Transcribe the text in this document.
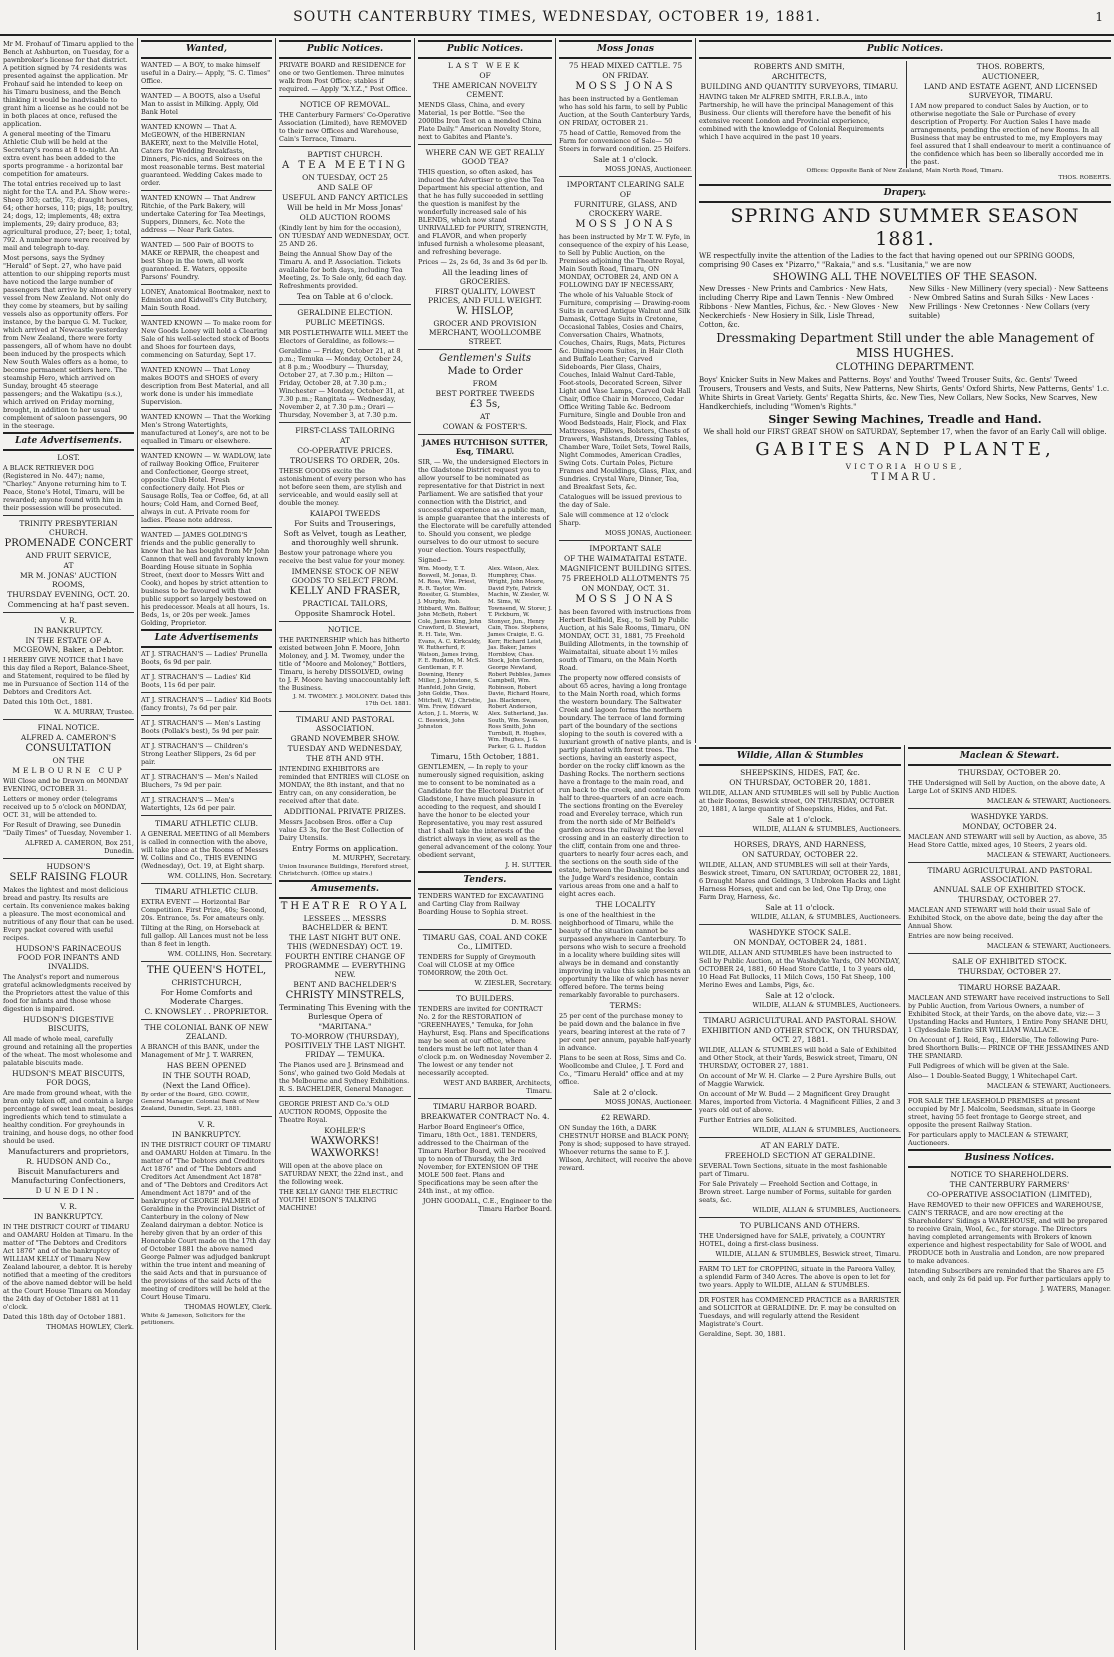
SOUTH CANTERBURY TIMES, WEDNESDAY, OCTOBER 19, 1881.	1
Mr M. Frohauf of Timaru applied to the Bench at Ashburton, on Tuesday, for a pawnbroker's license for that district. A petition signed by 74 residents was presented against the application. Mr Frohauf said he intended to keep on his Timaru business, and the Bench thinking it would be inadvisable to grant him a license as he could not be in both places at once, refused the application.
A general meeting of the Timaru Athletic Club will be held at the Secretary's rooms at 8 to-night. An extra event has been added to the sports programme - a horizontal bar competition for amateurs.
The total entries received up to last night for the T.A. and P.A. Show were:- Sheep 303; cattle, 73; draught horses, 64; other horses, 110; pigs, 18; poultry, 24; dogs, 12; implements, 48; extra implements, 29; dairy produce, 83; agricultural produce, 27; beer, 1; total, 792. A number more were received by mail and telegraph to-day.
Most persons, says the Sydney "Herald" of Sept. 27, who have paid attention to our shipping reports must have noticed the large number of passengers that arrive by almost every vessel from New Zealand. Not only do they come by steamers, but by sailing vessels also as opportunity offers. For instance, by the barque G. M. Tucker, which arrived at Newcastle yesterday from New Zealand, there were forty passengers, all of whom have no doubt been induced by the prospects which New South Wales offers as a home, to become permanent settlers here. The steamship Hero, which arrived on Sunday, brought 45 steerage passengers; and the Wakatipu (s.s.), which arrived on Friday morning, brought, in addition to her usual complement of saloon passengers, 90 in the steerage.
Late Advertisements.
LOST.
A BLACK RETRIEVER DOG (Registered in No. 447); name, "Charley." Anyone returning him to T. Peace, Stone's Hotel, Timaru, will be rewarded; anyone found with him in their possession will be prosecuted.
TRINITY PRESBYTERIAN CHURCH.
PROMENADE CONCERT
AND FRUIT SERVICE,
AT
MR M. JONAS' AUCTION ROOMS,
THURSDAY EVENING, OCT. 20.
Commencing at ha'f past seven.
V. R.
IN BANKRUPTCY.
IN THE ESTATE OF A. MCGEOWN, Baker, a Debtor.
I HEREBY GIVE NOTICE that I have this day filed a Report, Balance-Sheet, and Statement, required to be filed by me in Pursuance of Section 114 of the Debtors and Creditors Act.
Dated this 10th Oct., 1881.
W. A. MURRAY, Trustee.
FINAL NOTICE.
ALFRED A. CAMERON'S
CONSULTATION
ON THE
MELBOURNE CUP
Will Close and be Drawn on MONDAY EVENING, OCTOBER 31.
Letters or money order (telegrams received up to 5 o'clock on MONDAY, OCT. 31, will be attended to.
For Result of Drawing, see Dunedin "Daily Times" of Tuesday, November 1.
ALFRED A. CAMERON, Box 251, Dunedin.
HUDSON'S
SELF RAISING FLOUR
Makes the lightest and most delicious bread and pastry. Its results are certain. Its convenience makes baking a pleasure. The most economical and nutritious of any flour that can be used. Every packet covered with useful recipes.
HUDSON'S FARINACEOUS FOOD FOR INFANTS AND INVALIDS.
The Analyst's report and numerous grateful acknowledgments received by the Proprietors attest the value of this food for infants and those whose digestion is impaired.
HUDSON'S DIGESTIVE BISCUITS,
All made of whole meal, carefully ground and retaining all the properties of the wheat. The most wholesome and palatable biscuits made.
HUDSON'S MEAT BISCUITS, FOR DOGS,
Are made from ground wheat, with the bran only taken off, and contain a large percentage of sweet lean meat, besides ingredients which tend to stimulate a healthy condition. For greyhounds in training, and house dogs, no other food should be used.
Manufacturers and proprietors,
R. HUDSON AND Co.,
Biscuit Manufacturers and Manufacturing Confectioners,
DUNEDIN.
V. R.
IN BANKRUPTCY.
IN THE DISTRICT COURT of TIMARU and OAMARU Holden at Timaru. In the matter of "The Debtors and Creditors Act 1876" and of the bankruptcy of WILLIAM KELLY of Timaru New Zealand labourer, a debtor. It is hereby notified that a meeting of the creditors of the above named debtor will be held at the Court House Timaru on Monday the 24th day of October 1881 at 11 o'clock.
Dated this 18th day of October 1881.
THOMAS HOWLEY, Clerk.
Wanted,
WANTED — A BOY, to make himself useful in a Dairy.— Apply, "S. C. Times" Office.
WANTED — A BOOTS, also a Useful Man to assist in Milking. Apply, Old Bank Hotel
WANTED KNOWN — That A. McGEOWN, of the HIBERNIAN BAKERY, next to the Melville Hotel, Caters for Wedding Breakfasts, Dinners, Pic-nics, and Soirees on the most reasonable terms. Best material guaranteed. Wedding Cakes made to order.
WANTED KNOWN — That Andrew Ritchie, of the Park Bakery, will undertake Catering for Tea Meetings, Suppers, Dinners, &c. Note the address — Near Park Gates.
WANTED — 500 Pair of BOOTS to MAKE or REPAIR, the cheapest and best Shop in the town, all work guaranteed. E. Waters, opposite Parsons' Foundry.
LONEY, Anatomical Bootmaker, next to Edmiston and Kidwell's City Butchery, Main South Road.
WANTED KNOWN — To make room for New Goods Loney will hold a Clearing Sale of his well-selected stock of Boots and Shoes for fourteen days, commencing on Saturday, Sept 17.
WANTED KNOWN — That Loney makes BOOTS and SHOES of every description from Best Material, and all work done is under his immediate Supervision.
WANTED KNOWN — That the Working Men's Strong Watertights, manufactured at Loney's, are not to be equalled in Timaru or elsewhere.
WANTED KNOWN — W. WADLOW, late of railway Booking Office, Fruiterer and Confectioner, George street, opposite Club Hotel. Fresh confectionery daily. Hot Pies or Sausage Rolls, Tea or Coffee, 6d, at all hours; Cold Ham, and Corned Beef, always in cut. A Private room for ladies. Please note address.
WANTED — JAMES GOLDING'S friends and the public generally to know that he has bought from Mr John Cannon that well and favorably known Boarding House situate in Sophia Street, (next door to Messrs Witt and Cook), and hopes by strict attention to business to be favoured with that public support so largely bestowed on his predecessor. Meals at all hours, 1s. Beds, 1s, or 20s per week. James Golding, Proprietor.
Late Advertisements
AT J. STRACHAN'S — Ladies' Prunella Boots, 6s 9d per pair.
AT J. STRACHAN'S — Ladies' Kid Boots, 11s 6d per pair.
AT J. STRACHAN'S — Ladies' Kid Boots (fancy fronts), 7s 6d per pair.
AT J. STRACHAN'S — Men's Lasting Boots (Pollak's best), 5s 9d per pair.
AT J. STRACHAN'S — Children's Strong Leather Slippers, 2s 6d per pair.
AT J. STRACHAN'S — Men's Nailed Bluchers, 7s 9d per pair.
AT J. STRACHAN'S — Men's Watertights, 12s 6d per pair.
TIMARU ATHLETIC CLUB.
A GENERAL MEETING of all Members is called in connection with the above, will take place at the Rooms of Messrs W. Collins and Co., THIS EVENING (Wednesday), Oct. 19, at Eight sharp.
WM. COLLINS, Hon. Secretary.
TIMARU ATHLETIC CLUB.
EXTRA EVENT — Horizontal Bar Competition. First Prize, 40s; Second, 20s. Entrance, 5s. For amateurs only.
Tilting at the Ring, on Horseback at full gallop. All Lances must not be less than 8 feet in length.
WM. COLLINS, Hon. Secretary.
THE QUEEN'S HOTEL,
CHRISTCHURCH,
For Home Comforts and Moderate Charges.
C. KNOWSLEY . . PROPRIETOR.
THE COLONIAL BANK OF NEW ZEALAND.
A BRANCH of this BANK, under the Management of Mr J. T. WARREN,
HAS BEEN OPENED
IN THE SOUTH ROAD,
(Next the Land Office).
By order of the Board, GEO. COWIE, General Manager. Colonial Bank of New Zealand, Dunedin, Sept. 23, 1881.
V. R.
IN BANKRUPTCY.
IN THE DISTRICT COURT OF TIMARU and OAMARU Holden at Timaru. In the matter of "The Debtors and Creditors Act 1876" and of "The Debtors and Creditors Act Amendment Act 1878" and of "The Debtors and Creditors Act Amendment Act 1879" and of the bankruptcy of GEORGE PALMER of Geraldine in the Provincial District of Canterbury in the colony of New Zealand dairyman a debtor. Notice is hereby given that by an order of this Honorable Court made on the 17th day of October 1881 the above named George Palmer was adjudged bankrupt within the true intent and meaning of the said Acts and that in pursuance of the provisions of the said Acts of the meeting of creditors will be held at the Court House Timaru.
THOMAS HOWLEY, Clerk.
White & Jameson, Solicitors for the petitioners.
Public Notices.
PRIVATE BOARD and RESIDENCE for one or two Gentlemen. Three minutes walk from Post Office; stables if required. — Apply "X.Y.Z.," Post Office.
NOTICE OF REMOVAL.
THE Canterbury Farmers' Co-Operative Association (Limited), have REMOVED to their new Offices and Warehouse, Cain's Terrace, Timaru.
BAPTIST CHURCH.
A TEA MEETING
ON TUESDAY, OCT 25
AND SALE OF
USEFUL AND FANCY ARTICLES
Will be held in Mr Moss Jonas'
OLD AUCTION ROOMS
(Kindly lent by him for the occasion), ON TUESDAY AND WEDNESDAY, OCT. 25 AND 26.
Being the Annual Show Day of the Timaru A. and P. Association. Tickets available for both days, including Tea Meeting, 2s. To Sale only, 6d each day. Refreshments provided.
Tea on Table at 6 o'clock.
GERALDINE ELECTION.
PUBLIC MEETINGS.
MR POSTLETHWAITE WILL MEET the Electors of Geraldine, as follows:—
Geraldine — Friday, October 21, at 8 p.m.; Temuka — Monday, October 24, at 8 p.m.; Woodbury — Thursday, October 27, at 7.30 p.m.; Hilton — Friday, October 28, at 7.30 p.m.; Winchester — Monday, October 31, at 7.30 p.m.; Rangitata — Wednesday, November 2, at 7.30 p.m.; Orari — Thursday, November 3, at 7.30 p.m.
FIRST-CLASS TAILORING
AT
CO-OPERATIVE PRICES.
TROUSERS TO ORDER, 20s.
THESE GOODS excite the astonishment of every person who has not before seen them, are stylish and serviceable, and would easily sell at double the money.
KAIAPOI TWEEDS
For Suits and Trouserings,
Soft as Velvet, tough as Leather, and thoroughly well shrunk.
Bestow your patronage where you receive the best value for your money.
IMMENSE STOCK OF NEW GOODS TO SELECT FROM.
KELLY AND FRASER,
PRACTICAL TAILORS,
Opposite Shamrock Hotel.
NOTICE.
THE PARTNERSHIP which has hitherto existed between John F. Moore, John Moloney, and J. M. Twomey, under the title of "Moore and Moloney," Bottlers, Timaru, is hereby DISSOLVED, owing to J. F. Moore having unaccountably left the Business.
J. M. TWOMEY. J. MOLONEY. Dated this 17th Oct. 1881.
TIMARU AND PASTORAL ASSOCIATION.
GRAND NOVEMBER SHOW.
TUESDAY AND WEDNESDAY,
THE 8TH AND 9TH.
INTENDING EXHIBITORS are reminded that ENTRIES will CLOSE on MONDAY, the 8th instant, and that no Entry can, on any consideration, be received after that date.
ADDITIONAL PRIVATE PRIZES.
Messrs Jacobsen Bros. offer a Cup value £3 3s, for the Best Collection of Dairy Utensils.
Entry Forms on application.
M. MURPHY, Secretary.
Union Insurance Buildings, Hereford street, Christchurch. (Office up stairs.)
Amusements.
THEATRE ROYAL
LESSEES ... MESSRS BACHELDER & BENT.
THE LAST NIGHT BUT ONE. THIS (WEDNESDAY) OCT. 19.
FOURTH ENTIRE CHANGE OF PROGRAMME — EVERYTHING NEW.
BENT AND BACHELDER'S
CHRISTY MINSTRELS,
Terminating This Evening with the Burlesque Opera of
"MARITANA."
TO-MORROW (THURSDAY), POSITIVELY THE LAST NIGHT. FRIDAY — TEMUKA.
The Pianos used are J. Brinsmead and Sons', who gained two Gold Medals at the Melbourne and Sydney Exhibitions. R. S. BACHELDER, General Manager.
GEORGE PRIEST AND Co.'s OLD AUCTION ROOMS, Opposite the Theatre Royal.
KOHLER'S
WAXWORKS! WAXWORKS!
Will open at the above place on SATURDAY NEXT, the 22nd inst., and the following week.
THE KELLY GANG! THE ELECTRIC YOUTH! EDISON'S TALKING MACHINE!
Public Notices.
LAST WEEK
OF
THE AMERICAN NOVELTY CEMENT.
MENDS Glass, China, and every Material, 1s per Bottle. "See the 2000lbs Iron Test on a mended China Plate Daily." American Novelty Store, next to Gabites and Plante's.
WHERE CAN WE GET REALLY GOOD TEA?
THIS question, so often asked, has induced the Advertiser to give the Tea Department his special attention, and that he has fully succeeded in settling the question is manifest by the wonderfully increased sale of his BLENDS, which now stand UNRIVALLED for PURITY, STRENGTH, and FLAVOR, and when properly infused furnish a wholesome pleasant, and refreshing beverage.
Prices — 2s, 2s 6d, 3s and 3s 6d per lb.
All the leading lines of GROCERIES.
FIRST QUALITY, LOWEST PRICES, AND FULL WEIGHT.
W. HISLOP,
GROCER AND PROVISION MERCHANT, WOOLLCOMBE STREET.
Gentlemen's Suits
Made to Order
FROM
BEST PORTREE TWEEDS
£3 5s,
AT
COWAN & FOSTER'S.
JAMES HUTCHISON SUTTER, Esq, TIMARU.
SIR, — We, the undersigned Electors in the Gladstone District request you to allow yourself to be nominated as representative for that District in next Parliament. We are satisfied that your connection with the District, and successful experience as a public man, is ample guarantee that the interests of the Electorate will be carefully attended to. Should you consent, we pledge ourselves to do our utmost to secure your election. Yours respectfully,
Signed—
Wm. Moody, T. T. Boswell, M. Jonas, D. M. Ross, Wm. Priest, R. R. Taylor, Wm. Rossiter, G. Stumbles, J. Murphy, Rob. Hibbard, Wm. Balfour, John McBeth, Robert Cole, James King, John Crawford, D. Stewart, R. H. Tate, Wm. Evans, A. C. Kirkcaldy, W. Rutherfurd, F. Watson, James Irving, F. E. Ruddon, M. McS. Gentleman, F. F. Downing, Henry Miller, J. Johnstone, S. Hanfeld, John Greig, John Goldie, Thos. Mitchell, W. J. Christie, Wm. Frew, Edward Acton, J. L. Morris, W. C. Beswick, John Johnston
Alex. Wilson, Alex. Humphrey, Chas. Wright, John Moore, David Fyfe, Patrick Machin, W. Ziesler, W. M. Sims, W. Townsend, W. Storer, J. T. Pickburn, W. Stonyer, Jun., Henry Cain, Thos. Stephens, James Craigie, E. G. Kerr, Richard Leist, Jas. Baker, James Hornblow, Chas. Stock, John Gordon, George Newland, Robert Pebbles, James Campbell, Wm. Robinson, Robert Davie, Richard Hoare, Jas. Blackmore, Robert Anderson, Alex. Sutherland, Jas. South, Wm. Swanson, Ross Smith, John Turnbull, R. Hughes, Wm. Hughes, J. G. Parker, G. L. Ruddon
Timaru, 15th October, 1881.
GENTLEMEN, — In reply to your numerously signed requisition, asking me to consent to be nominated as a Candidate for the Electoral District of Gladstone, I have much pleasure in acceding to the request, and should I have the honor to be elected your Representative, you may rest assured that I shall take the interests of the district always in view, as well as the general advancement of the colony. Your obedient servant,
J. H. SUTTER.
Tenders.
TENDERS WANTED for EXCAVATING and Carting Clay from Railway Boarding House to Sophia street.
D. M. ROSS.
TIMARU GAS, COAL AND COKE Co., LIMITED.
TENDERS for Supply of Greymouth Coal will CLOSE at my Office TOMORROW, the 20th Oct.
W. ZIESLER, Secretary.
TO BUILDERS.
TENDERS are invited for CONTRACT No. 2 for the RESTORATION of "GREENHAYES," Temuka, for John Hayhurst, Esq. Plans and Specifications may be seen at our office, where tenders must be left not later than 4 o'clock p.m. on Wednesday November 2. The lowest or any tender not necessarily accepted.
WEST AND BARBER, Architects, Timaru.
TIMARU HARBOR BOARD.
BREAKWATER CONTRACT No. 4.
Harbor Board Engineer's Office, Timaru, 18th Oct., 1881. TENDERS, addressed to the Chairman of the Timaru Harbor Board, will be received up to noon of Thursday, the 3rd November, for EXTENSION OF THE MOLE 500 feet. Plans and Specifications may be seen after the 24th inst., at my office.
JOHN GOODALL, C.E., Engineer to the Timaru Harbor Board.
Moss Jonas
75 HEAD MIXED CATTLE. 75
ON FRIDAY.
MOSS JONAS
has been instructed by a Gentleman who has sold his farm, to sell by Public Auction, at the South Canterbury Yards, ON FRIDAY, OCTOBER 21.
75 head of Cattle, Removed from the Farm for convenience of Sale— 50 Steers in forward condition. 25 Heifers.
Sale at 1 o'clock.
MOSS JONAS, Auctioneer.
IMPORTANT CLEARING SALE
OF
FURNITURE, GLASS, AND CROCKERY WARE.
MOSS JONAS
has been instructed by Mr T. W. Fyfe, in consequence of the expiry of his Lease, to Sell by Public Auction, on the Premises adjoining the Theatre Royal, Main South Road, Timaru, ON MONDAY, OCTOBER 24, AND ON A FOLLOWING DAY IF NECESSARY,
The whole of his Valuable Stock of Furniture, comprising — Drawing-room Suits in carved Antique Walnut and Silk Damask, Cottage Suits in Cretonne, Occasional Tables, Cosies and Chairs, Conversation Chairs, Whatnots, Couches, Chairs, Rugs, Mats, Pictures &c. Dining-room Suites, in Hair Cloth and Buffalo Leather; Carved Sideboards, Pier Glass, Chairs, Couches, Inlaid Walnut Card-Table, Foot-stools, Decorated Screen, Silver Light and Vase Lamps, Carved Oak Hall Chair, Office Chair in Morocco, Cedar Office Writing Table &c. Bedroom Furniture, Single and Double Iron and Wood Bedsteads, Hair, Flock, and Flax Mattresses, Pillows, Bolsters, Chests of Drawers, Washstands, Dressing Tables, Chamber Ware, Toilet Sets, Towel Rails, Night Commodes, American Cradles, Swing Cots. Curtain Poles, Picture Frames and Mouldings, Glass, Flax, and Sundries. Crystal Ware, Dinner, Tea, and Breakfast Sets, &c.
Catalogues will be issued previous to the day of Sale.
Sale will commence at 12 o'clock Sharp.
MOSS JONAS, Auctioneer.
IMPORTANT SALE
OF THE WAIMATAITAI ESTATE.
MAGNIFICENT BUILDING SITES.
75 FREEHOLD ALLOTMENTS 75
ON MONDAY, OCT. 31.
MOSS JONAS
has been favored with instructions from Herbert Belfield, Esq., to Sell by Public Auction, at his Sale Rooms, Timaru, ON MONDAY, OCT. 31, 1881, 75 Freehold Building Allotments, in the township of Waimataitai, situate about 1½ miles south of Timaru, on the Main North Road.
The property now offered consists of about 65 acres, having a long frontage to the Main North road, which forms the western boundary. The Saltwater Creek and lagoon forms the northern boundary. The terrace of land forming part of the boundary of the sections sloping to the south is covered with a luxuriant growth of native plants, and is partly planted with forest trees. The sections, having an easterly aspect, border on the rocky cliff known as the Dashing Rocks. The northern sections have a frontage to the main road, and run back to the creek, and contain from half to three-quarters of an acre each. The sections fronting on the Evereley road and Evereley terrace, which run from the north side of Mr Belfield's garden across the railway at the level crossing and in an easterly direction to the cliff, contain from one and three-quarters to nearly four acres each, and the sections on the south side of the estate, between the Dashing Rocks and the Judge Ward's residence, contain various areas from one and a half to eight acres each.
THE LOCALITY
is one of the healthiest in the neighborhood of Timaru, while the beauty of the situation cannot be surpassed anywhere in Canterbury. To persons who wish to secure a freehold in a locality where building sites will always be in demand and constantly improving in value this sale presents an opportunity the like of which has never offered before. The terms being remarkably favorable to purchasers.
TERMS:
25 per cent of the purchase money to be paid down and the balance in five years, bearing interest at the rate of 7 per cent per annum, payable half-yearly in advance.
Plans to be seen at Ross, Sims and Co. Woollcombe and Clulee, J. T. Ford and Co., "Timaru Herald" office and at my office.
Sale at 2 o'clock.
MOSS JONAS, Auctioneer.
£2 REWARD.
ON Sunday the 16th, a DARK CHESTNUT HORSE and BLACK PONY; Pony is shod; supposed to have strayed. Whoever returns the same to F. J. Wilson, Architect, will receive the above reward.
Public Notices.
ROBERTS AND SMITH,
ARCHITECTS,
BUILDING AND QUANTITY SURVEYORS, TIMARU.
HAVING taken Mr ALFRED SMITH, F.R.I.B.A., into Partnership, he will have the principal Management of this Business. Our clients will therefore have the benefit of his extensive recent London and Provincial experience, combined with the knowledge of Colonial Requirements which I have acquired in the past 10 years.
THOS. ROBERTS,
AUCTIONEER,
LAND AND ESTATE AGENT, AND LICENSED SURVEYOR, TIMARU.
I AM now prepared to conduct Sales by Auction, or to otherwise negotiate the Sale or Purchase of every description of Property. For Auction Sales I have made arrangements, pending the erection of new Rooms. In all Business that may be entrusted to me, my Employers may feel assured that I shall endeavour to merit a continuance of the confidence which has been so liberally accorded me in the past.
Offices: Opposite Bank of New Zealand, Main North Road, Timaru.
THOS. ROBERTS.
Drapery.
SPRING AND SUMMER SEASON
1881.
WE respectfully invite the attention of the Ladies to the fact that having opened out our SPRING GOODS, comprising 90 Cases ex "Pizarro," "Rakaia," and s.s. "Lusitania," we are now
SHOWING ALL THE NOVELTIES OF THE SEASON.
New Dresses · New Prints and Cambrics · New Hats, including Cherry Ripe and Lawn Tennis · New Ombred Ribbons · New Mantles, Fichus, &c. · New Gloves · New Neckerchiefs · New Hosiery in Silk, Lisle Thread, Cotton, &c.
New Silks · New Millinery (very special) · New Satteens · New Ombred Satins and Surah Silks · New Laces · New Frillings · New Cretonnes · New Collars (very suitable)
Dressmaking Department Still under the able Management of MISS HUGHES.
CLOTHING DEPARTMENT.
Boys' Knicker Suits in New Makes and Patterns. Boys' and Youths' Tweed Trouser Suits, &c. Gents' Tweed Trousers, Trousers and Vests, and Suits, New Patterns, New Shirts, Gents' Oxford Shirts, New Patterns, Gents' 1.c. White Shirts in Great Variety. Gents' Regatta Shirts, &c. New Ties, New Collars, New Socks, New Scarves, New Handkerchiefs, including "Women's Rights."
Singer Sewing Machines, Treadle and Hand.
We shall hold our FIRST GREAT SHOW on SATURDAY, September 17, when the favor of an Early Call will oblige.
GABITES AND PLANTE,
VICTORIA HOUSE,
TIMARU.
Wildie, Allan & Stumbles
SHEEPSKINS, HIDES, FAT, &c.
ON THURSDAY, OCTOBER 20, 1881.
WILDIE, ALLAN AND STUMBLES will sell by Public Auction at their Rooms, Beswick street, ON THURSDAY, OCTOBER 20, 1881, A large quantity of Sheepskins, Hides, and Fat.
Sale at 1 o'clock.
WILDIE, ALLAN & STUMBLES, Auctioneers.
HORSES, DRAYS, AND HARNESS,
ON SATURDAY, OCTOBER 22.
WILDIE, ALLAN, AND STUMBLES will sell at their Yards, Beswick street, Timaru, ON SATURDAY, OCTOBER 22, 1881, 6 Draught Mares and Geldings, 3 Unbroken Hacks and Light Harness Horses, quiet and can be led, One Tip Dray, one Farm Dray, Harness, &c.
Sale at 11 o'clock.
WILDIE, ALLAN, & STUMBLES, Auctioneers.
WASHDYKE STOCK SALE.
ON MONDAY, OCTOBER 24, 1881.
WILDIE, ALLAN AND STUMBLES have been instructed to Sell by Public Auction, at the Washdyke Yards, ON MONDAY, OCTOBER 24, 1881, 60 Head Store Cattle, 1 to 3 years old, 10 Head Fat Bullocks, 11 Milch Cows, 150 Fat Sheep, 100 Merino Ewes and Lambs, Pigs, &c.
Sale at 12 o'clock.
WILDIE, ALLAN & STUMBLES, Auctioneers.
TIMARU AGRICULTURAL AND PASTORAL SHOW.
EXHIBITION AND OTHER STOCK, ON THURSDAY, OCT. 27, 1881.
WILDIE, ALLAN & STUMBLES will hold a Sale of Exhibited and Other Stock, at their Yards, Beswick street, Timaru, ON THURSDAY, OCTOBER 27, 1881.
On account of Mr W. H. Clarke — 2 Pure Ayrshire Bulls, out of Maggie Warwick.
On account of Mr W. Budd — 2 Magnificent Grey Draught Mares, imported from Victoria. 4 Magnificent Fillies, 2 and 3 years old out of above.
Further Entries are Solicited.
WILDIE, ALLAN & STUMBLES, Auctioneers.
AT AN EARLY DATE.
FREEHOLD SECTION AT GERALDINE.
SEVERAL Town Sections, situate in the most fashionable part of Timaru.
For Sale Privately — Freehold Section and Cottage, in Brown street. Large number of Forms, suitable for garden seats, &c.
WILDIE, ALLAN & STUMBLES, Auctioneers.
TO PUBLICANS AND OTHERS.
THE Undersigned have for SALE, privately, a COUNTRY HOTEL, doing a first-class business.
WILDIE, ALLAN & STUMBLES, Beswick street, Timaru.
FARM TO LET for CROPPING, situate in the Pareora Valley, a splendid Farm of 340 Acres. The above is open to let for two years. Apply to WILDIE, ALLAN & STUMBLES.
DR FOSTER has COMMENCED PRACTICE as a BARRISTER and SOLICITOR at GERALDINE. Dr. F. may be consulted on Tuesdays, and will regularly attend the Resident Magistrate's Court.
Geraldine, Sept. 30, 1881.
Maclean & Stewart.
THURSDAY, OCTOBER 20.
THE Undersigned will Sell by Auction, on the above date, A Large Lot of SKINS AND HIDES.
MACLEAN & STEWART, Auctioneers.
WASHDYKE YARDS.
MONDAY, OCTOBER 24.
MACLEAN AND STEWART will sell by Auction, as above, 35 Head Store Cattle, mixed ages, 10 Steers, 2 years old.
MACLEAN & STEWART, Auctioneers.
TIMARU AGRICULTURAL AND PASTORAL ASSOCIATION.
ANNUAL SALE OF EXHIBITED STOCK.
THURSDAY, OCTOBER 27.
MACLEAN AND STEWART will hold their usual Sale of Exhibited Stock, on the above date, being the day after the Annual Show.
Entries are now being received.
MACLEAN & STEWART, Auctioneers.
SALE OF EXHIBITED STOCK.
THURSDAY, OCTOBER 27.
TIMARU HORSE BAZAAR.
MACLEAN AND STEWART have received instructions to Sell by Public Auction, from Various Owners, a number of Exhibited Stock, at their Yards, on the above date, viz:— 3 Upstanding Hacks and Hunters, 1 Entire Pony SHANE DHU, 1 Clydesdale Entire SIR WILLIAM WALLACE.
On Account of J. Reid, Esq., Elderslie, The following Pure-bred Shorthorn Bulls:— PRINCE OF THE JESSAMINES AND THE SPANIARD.
Full Pedigrees of which will be given at the Sale.
Also— 1 Double-Seated Buggy, 1 Whitechapel Cart.
MACLEAN & STEWART, Auctioneers.
FOR SALE THE LEASEHOLD PREMISES at present occupied by Mr J. Malcolm, Seedsman, situate in George street, having 55 feet frontage to George street, and opposite the present Railway Station.
For particulars apply to MACLEAN & STEWART, Auctioneers.
Business Notices.
NOTICE TO SHAREHOLDERS.
THE CANTERBURY FARMERS'
CO-OPERATIVE ASSOCIATION (LIMITED),
Have REMOVED to their new OFFICES and WAREHOUSE, CAIN'S TERRACE, and are now erecting at the Shareholders' Sidings a WAREHOUSE, and will be prepared to receive Grain, Wool, &c., for storage. The Directors having completed arrangements with Brokers of known experience and highest respectability for Sale of WOOL and PRODUCE both in Australia and London, are now prepared to make advances.
Intending Subscribers are reminded that the Shares are £5 each, and only 2s 6d paid up. For further particulars apply to
J. WATERS, Manager.
